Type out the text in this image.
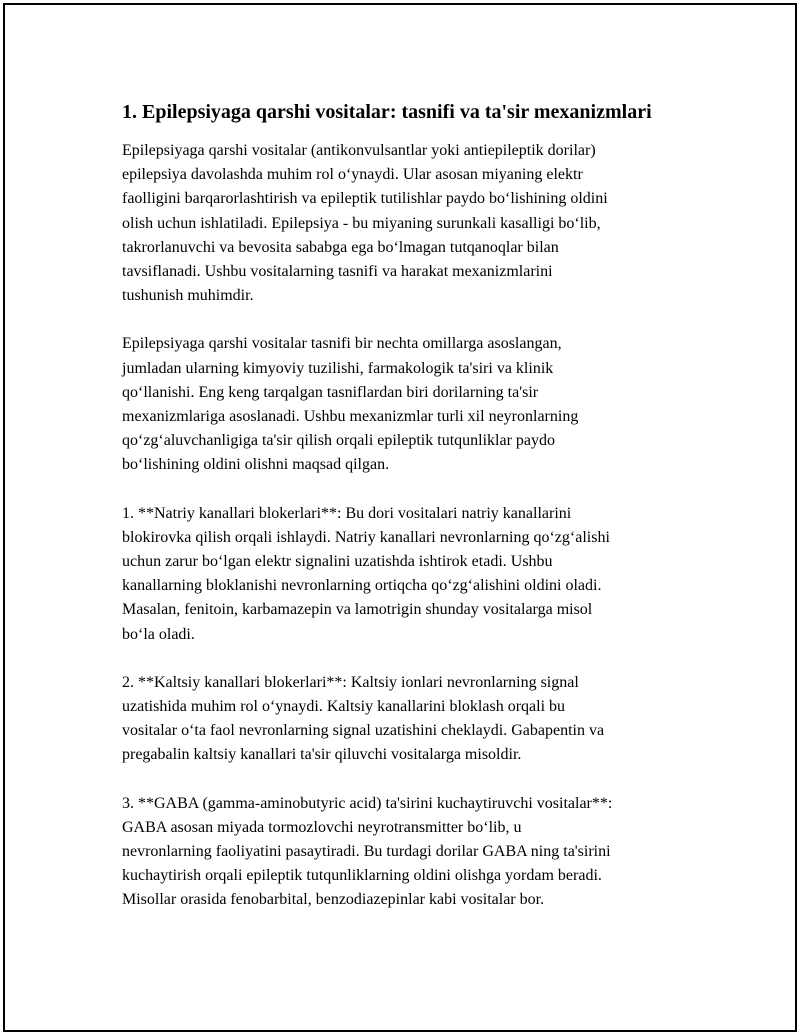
1. Epilepsiyaga qarshi vositalar: tasnifi va ta'sir mexanizmlari

Epilepsiyaga qarshi vositalar (antikonvulsantlar yoki antiepileptik dorilar)
epilepsiya davolashda muhim rol oʻynaydi. Ular asosan miyaning elektr
faolligini barqarorlashtirish va epileptik tutilishlar paydo boʻlishining oldini
olish uchun ishlatiladi. Epilepsiya - bu miyaning surunkali kasalligi boʻlib,
takrorlanuvchi va bevosita sababga ega boʻlmagan tutqanoqlar bilan
tavsiflanadi. Ushbu vositalarning tasnifi va harakat mexanizmlarini
tushunish muhimdir.

Epilepsiyaga qarshi vositalar tasnifi bir nechta omillarga asoslangan,
jumladan ularning kimyoviy tuzilishi, farmakologik ta'siri va klinik
qoʻllanishi. Eng keng tarqalgan tasniflardan biri dorilarning ta'sir
mexanizmlariga asoslanadi. Ushbu mexanizmlar turli xil neyronlarning
qoʻzgʻaluvchanligiga ta'sir qilish orqali epileptik tutqunliklar paydo
boʻlishining oldini olishni maqsad qilgan.

1. **Natriy kanallari blokerlari**: Bu dori vositalari natriy kanallarini
blokirovka qilish orqali ishlaydi. Natriy kanallari nevronlarning qoʻzgʻalishi
uchun zarur boʻlgan elektr signalini uzatishda ishtirok etadi. Ushbu
kanallarning bloklanishi nevronlarning ortiqcha qoʻzgʻalishini oldini oladi.
Masalan, fenitoin, karbamazepin va lamotrigin shunday vositalarga misol
boʻla oladi.

2. **Kaltsiy kanallari blokerlari**: Kaltsiy ionlari nevronlarning signal
uzatishida muhim rol oʻynaydi. Kaltsiy kanallarini bloklash orqali bu
vositalar oʻta faol nevronlarning signal uzatishini cheklaydi. Gabapentin va
pregabalin kaltsiy kanallari ta'sir qiluvchi vositalarga misoldir.

3. **GABA (gamma-aminobutyric acid) ta'sirini kuchaytiruvchi vositalar**:
GABA asosan miyada tormozlovchi neyrotransmitter boʻlib, u
nevronlarning faoliyatini pasaytiradi. Bu turdagi dorilar GABA ning ta'sirini
kuchaytirish orqali epileptik tutqunliklarning oldini olishga yordam beradi.
Misollar orasida fenobarbital, benzodiazepinlar kabi vositalar bor.
